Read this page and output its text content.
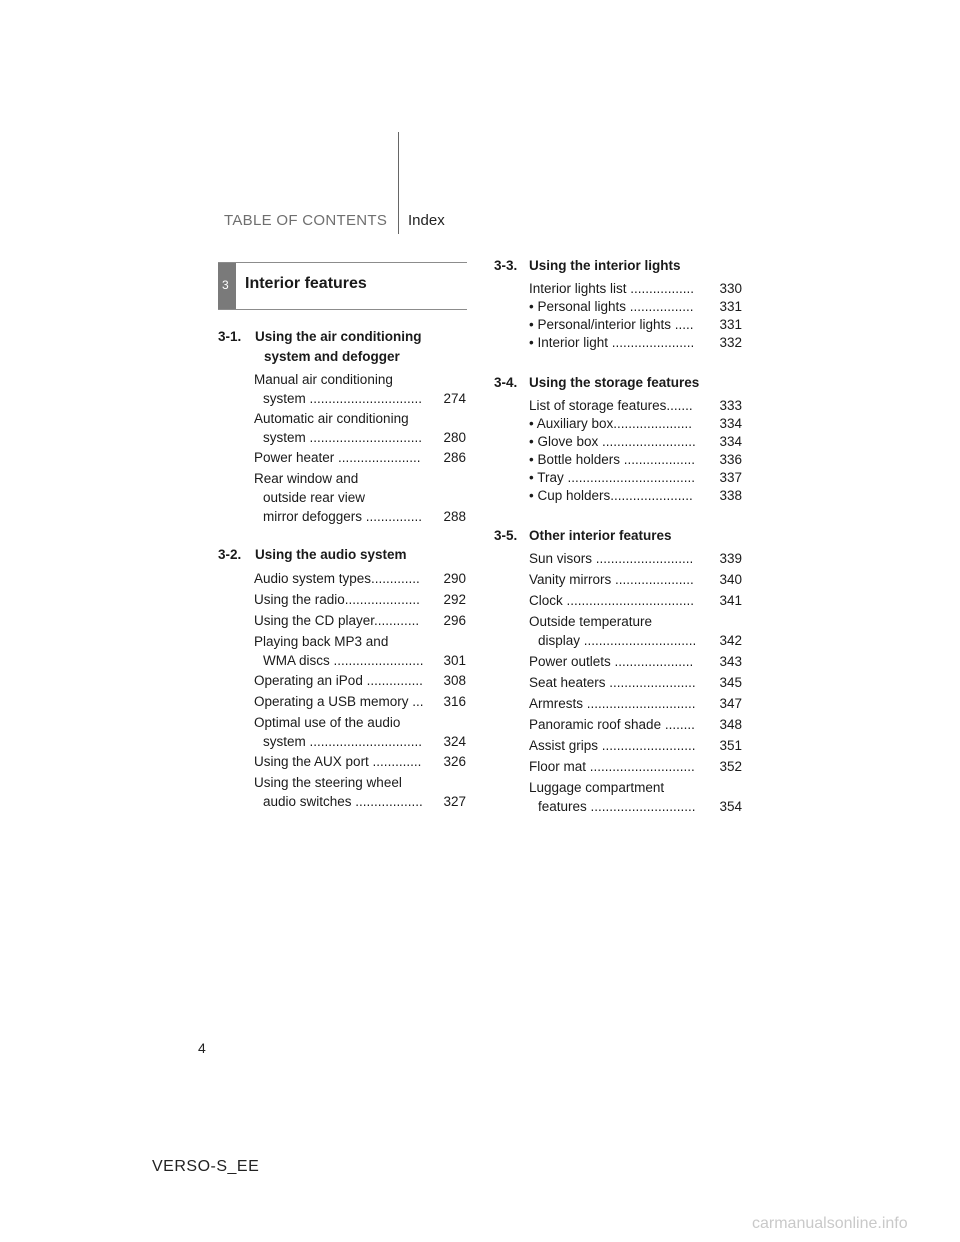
TABLE OF CONTENTS Index
3 Interior features
3-1. Using the air conditioning
system and defogger
Manual air conditioning
system ..............................	274
Automatic air conditioning
system ..............................	280
Power heater ......................	286
Rear window and
outside rear view
mirror defoggers ...............	288
3-2. Using the audio system
Audio system types.............	290
Using the radio....................	292
Using the CD player............	296
Playing back MP3 and
WMA discs ........................	301
Operating an iPod ...............	308
Operating a USB memory ...	316
Optimal use of the audio
system ..............................	324
Using the AUX port .............	326
Using the steering wheel
audio switches ..................	327
3-3. Using the interior lights
Interior lights list .................	330
• Personal lights .................	331
• Personal/interior lights .....	331
• Interior light ......................	332
3-4. Using the storage features
List of storage features.......	333
• Auxiliary box.....................	334
• Glove box .........................	334
• Bottle holders ...................	336
• Tray ..................................	337
• Cup holders......................	338
3-5. Other interior features
Sun visors ..........................	339
Vanity mirrors .....................	340
Clock ..................................	341
Outside temperature
display ..............................	342
Power outlets .....................	343
Seat heaters .......................	345
Armrests .............................	347
Panoramic roof shade ........	348
Assist grips .........................	351
Floor mat ............................	352
Luggage compartment
features ............................	354
4
VERSO-S_EE
carmanualsonline.info
